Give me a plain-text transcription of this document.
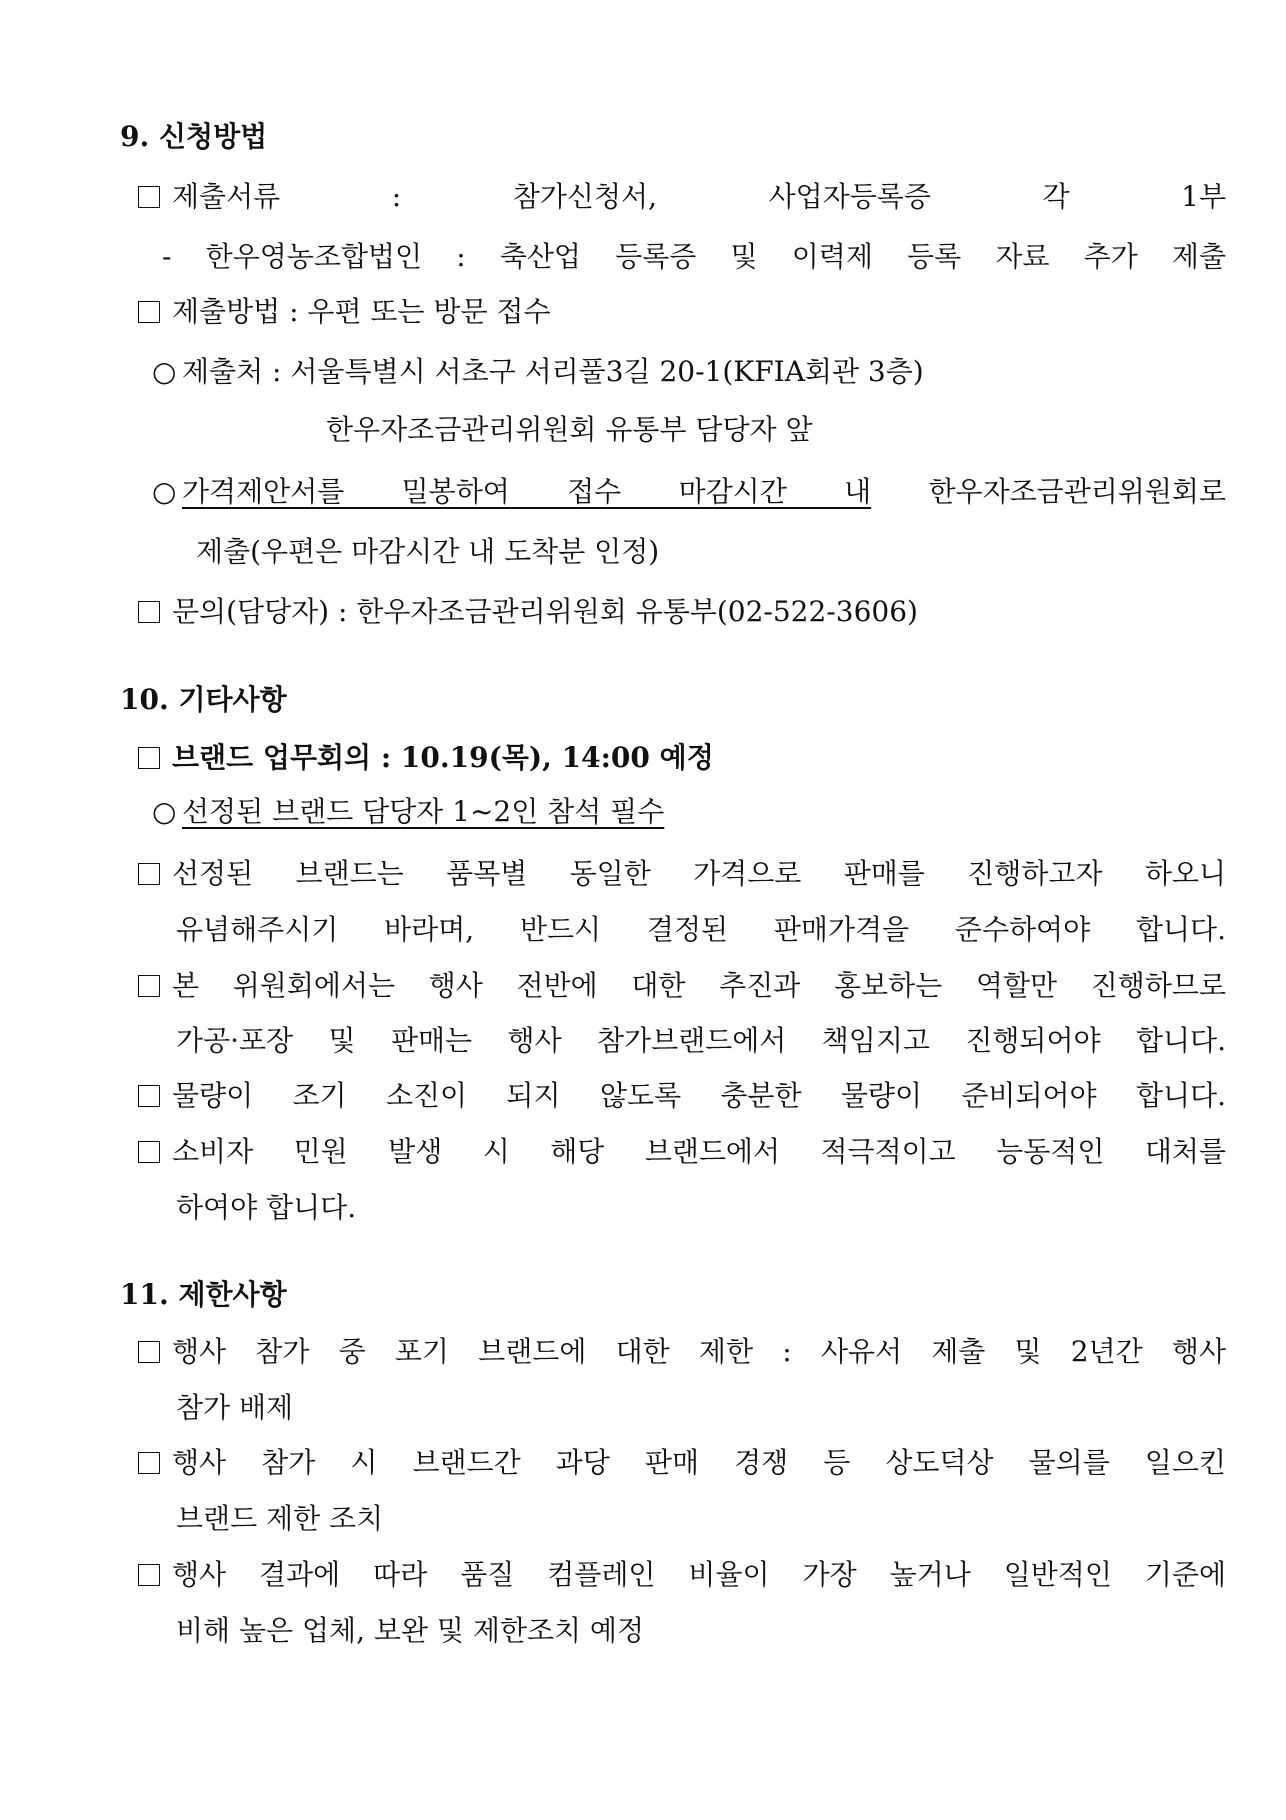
9. 신청방법
제출서류 : 참가신청서, 사업자등록증 각 1부
- 한우영농조합법인 : 축산업 등록증 및 이력제 등록 자료 추가 제출
제출방법 : 우편 또는 방문 접수
○ 제출처 : 서울특별시 서초구 서리풀3길 20-1(KFIA회관 3층)
한우자조금관리위원회 유통부 담당자 앞
○ 가격제안서를 밀봉하여 접수 마감시간 내 한우자조금관리위원회로
제출(우편은 마감시간 내 도착분 인정)
문의(담당자) : 한우자조금관리위원회 유통부(02-522-3606)
10. 기타사항
브랜드 업무회의 : 10.19(목), 14:00 예정
○ 선정된 브랜드 담당자 1~2인 참석 필수
선정된 브랜드는 품목별 동일한 가격으로 판매를 진행하고자 하오니
유념해주시기 바라며, 반드시 결정된 판매가격을 준수하여야 합니다.
본 위원회에서는 행사 전반에 대한 추진과 홍보하는 역할만 진행하므로
가공·포장 및 판매는 행사 참가브랜드에서 책임지고 진행되어야 합니다.
물량이 조기 소진이 되지 않도록 충분한 물량이 준비되어야 합니다.
소비자 민원 발생 시 해당 브랜드에서 적극적이고 능동적인 대처를
하여야 합니다.
11. 제한사항
행사 참가 중 포기 브랜드에 대한 제한 : 사유서 제출 및 2년간 행사
참가 배제
행사 참가 시 브랜드간 과당 판매 경쟁 등 상도덕상 물의를 일으킨
브랜드 제한 조치
행사 결과에 따라 품질 컴플레인 비율이 가장 높거나 일반적인 기준에
비해 높은 업체, 보완 및 제한조치 예정
